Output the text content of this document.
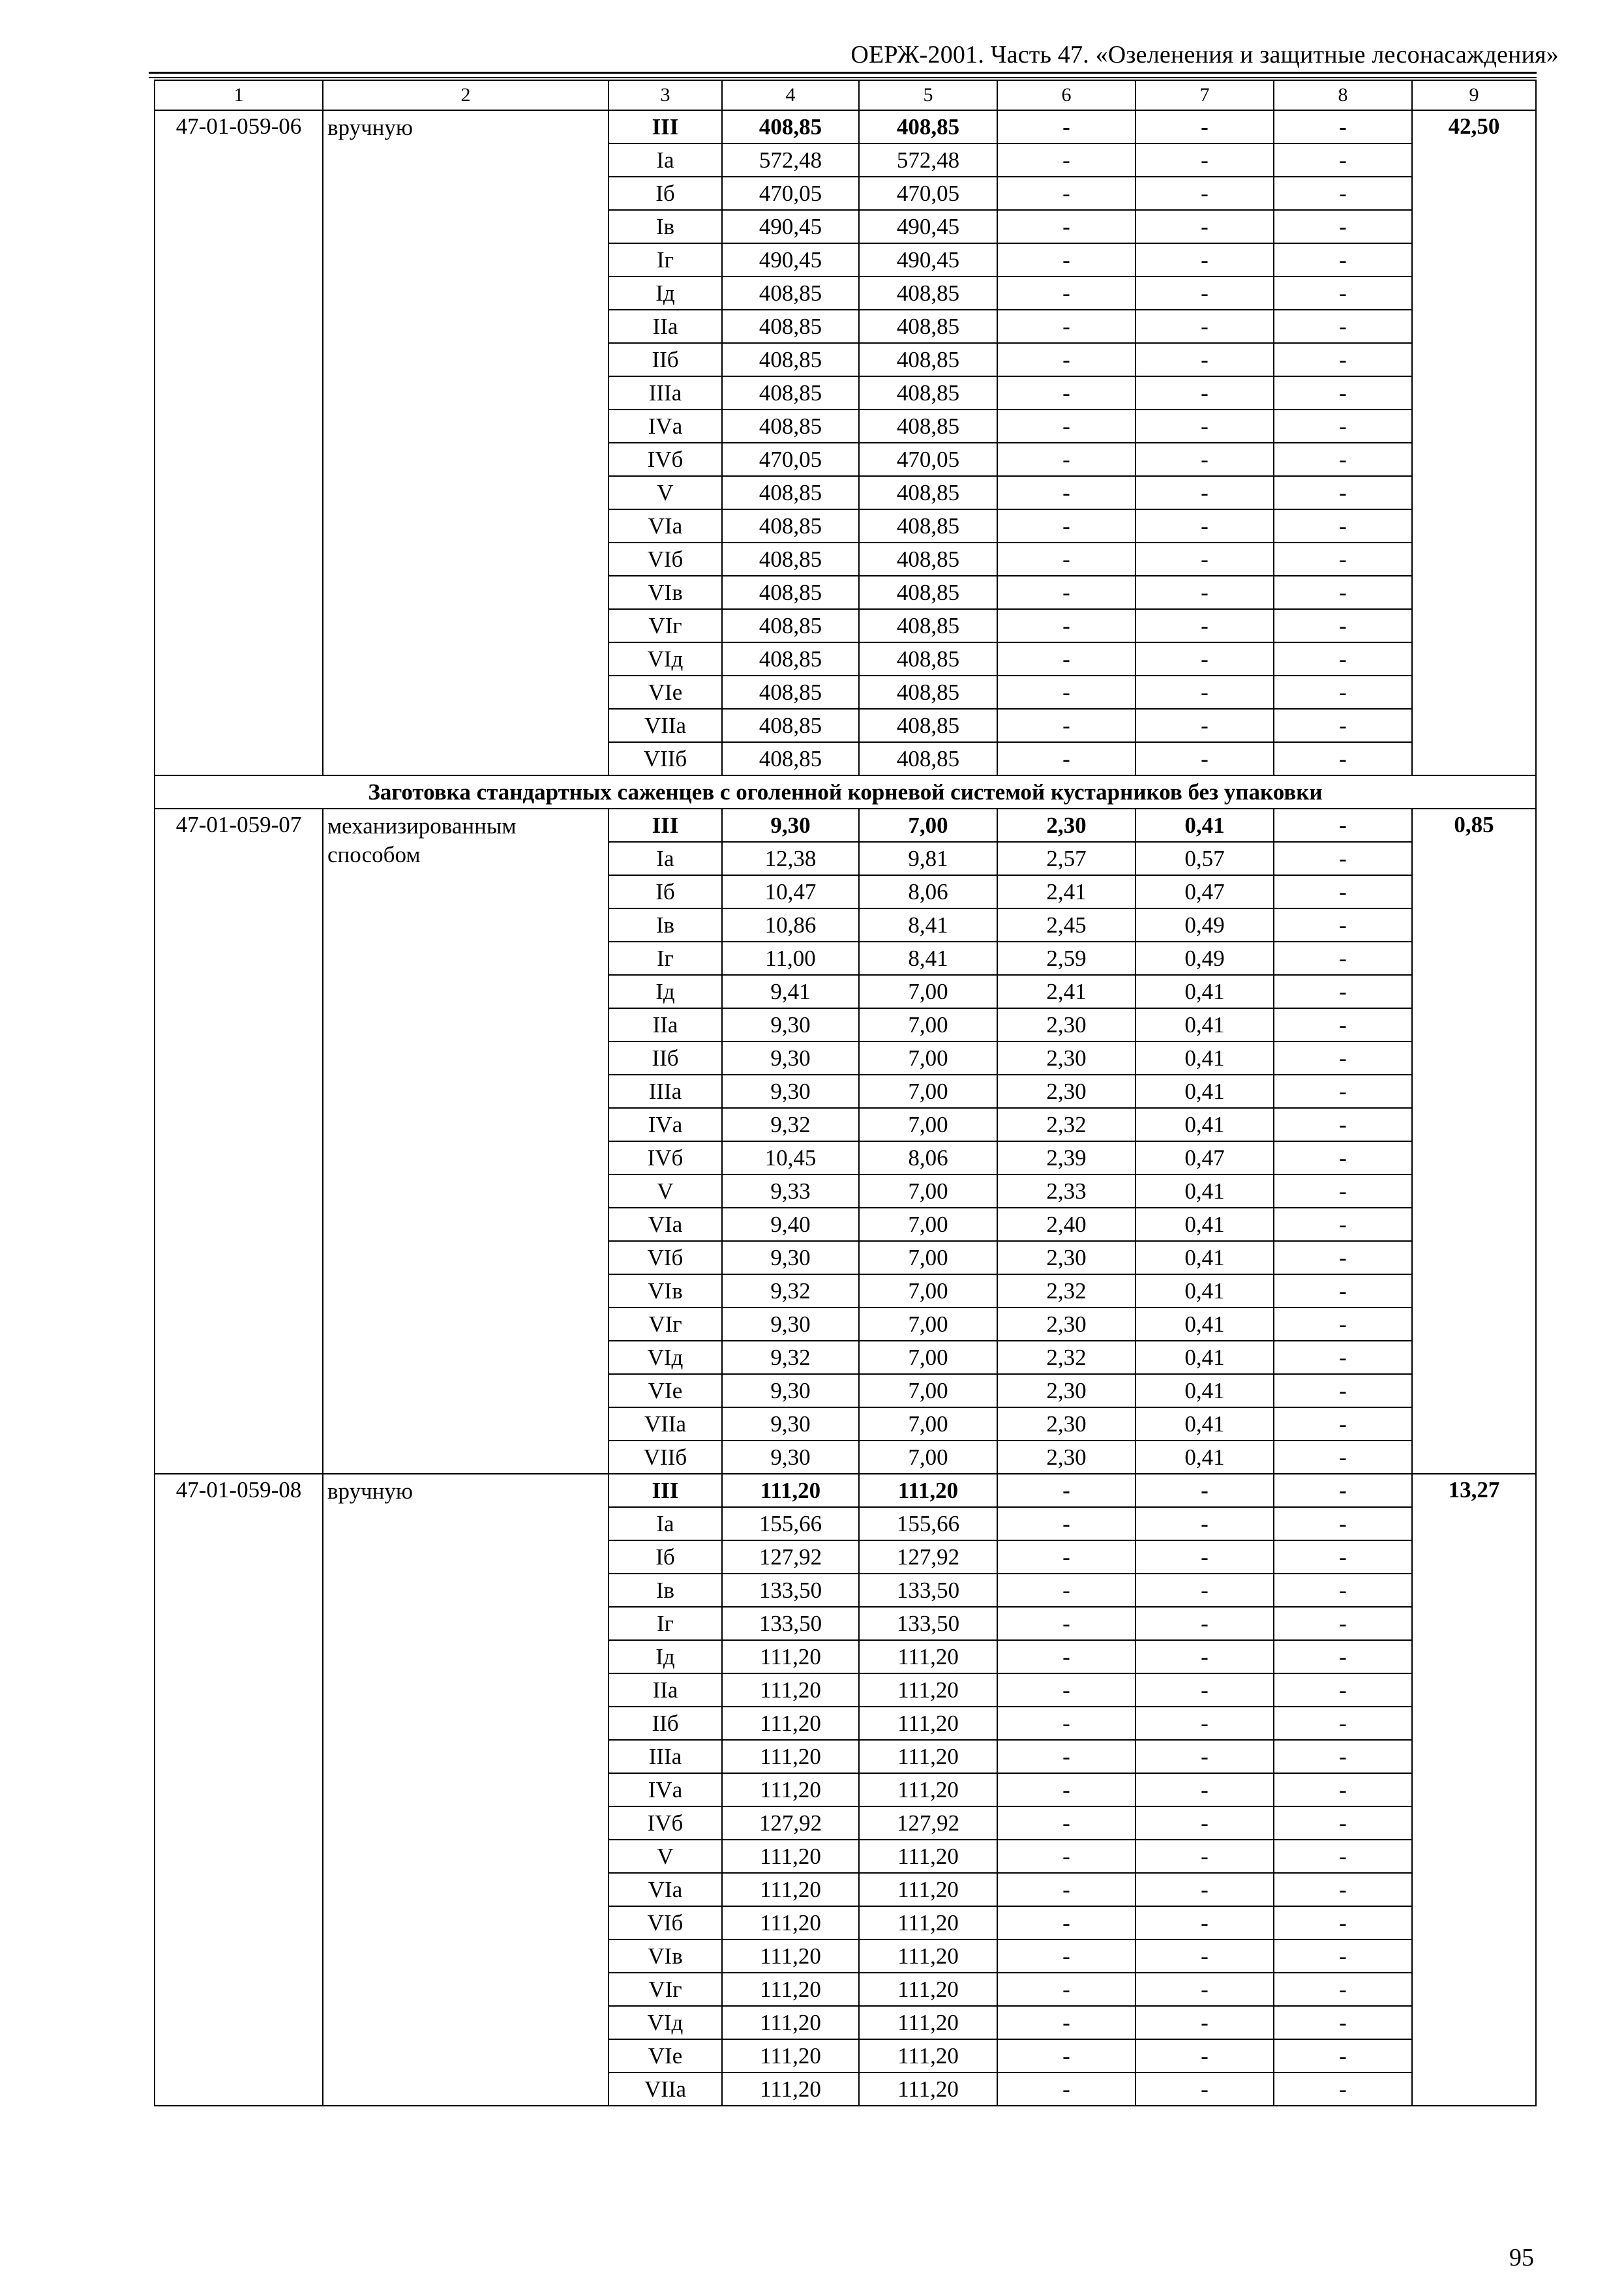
ОЕРЖ-2001. Часть 47. «Озеленения и защитные лесонасаждения»
1	2	3	4	5	6	7	8	9
47-01-059-06	вручную	III	408,85	408,85	-	-	-	42,50
		Ia	572,48	572,48	-	-	-	
		Iб	470,05	470,05	-	-	-	
		Iв	490,45	490,45	-	-	-	
		Iг	490,45	490,45	-	-	-	
		Iд	408,85	408,85	-	-	-	
		IIа	408,85	408,85	-	-	-	
		IIб	408,85	408,85	-	-	-	
		IIIа	408,85	408,85	-	-	-	
		IVа	408,85	408,85	-	-	-	
		IVб	470,05	470,05	-	-	-	
		V	408,85	408,85	-	-	-	
		VIа	408,85	408,85	-	-	-	
		VIб	408,85	408,85	-	-	-	
		VIв	408,85	408,85	-	-	-	
		VIг	408,85	408,85	-	-	-	
		VIд	408,85	408,85	-	-	-	
		VIе	408,85	408,85	-	-	-	
		VIIа	408,85	408,85	-	-	-	
		VIIб	408,85	408,85	-	-	-	
Заготовка стандартных саженцев с оголенной корневой системой кустарников без упаковки								
47-01-059-07	механизированным способом	III	9,30	7,00	2,30	0,41	-	0,85
		Ia	12,38	9,81	2,57	0,57	-	
		Iб	10,47	8,06	2,41	0,47	-	
		Iв	10,86	8,41	2,45	0,49	-	
		Iг	11,00	8,41	2,59	0,49	-	
		Iд	9,41	7,00	2,41	0,41	-	
		IIа	9,30	7,00	2,30	0,41	-	
		IIб	9,30	7,00	2,30	0,41	-	
		IIIа	9,30	7,00	2,30	0,41	-	
		IVа	9,32	7,00	2,32	0,41	-	
		IVб	10,45	8,06	2,39	0,47	-	
		V	9,33	7,00	2,33	0,41	-	
		VIа	9,40	7,00	2,40	0,41	-	
		VIб	9,30	7,00	2,30	0,41	-	
		VIв	9,32	7,00	2,32	0,41	-	
		VIг	9,30	7,00	2,30	0,41	-	
		VIд	9,32	7,00	2,32	0,41	-	
		VIе	9,30	7,00	2,30	0,41	-	
		VIIа	9,30	7,00	2,30	0,41	-	
		VIIб	9,30	7,00	2,30	0,41	-	
47-01-059-08	вручную	III	111,20	111,20	-	-	-	13,27
		Ia	155,66	155,66	-	-	-	
		Iб	127,92	127,92	-	-	-	
		Iв	133,50	133,50	-	-	-	
		Iг	133,50	133,50	-	-	-	
		Iд	111,20	111,20	-	-	-	
		IIа	111,20	111,20	-	-	-	
		IIб	111,20	111,20	-	-	-	
		IIIа	111,20	111,20	-	-	-	
		IVа	111,20	111,20	-	-	-	
		IVб	127,92	127,92	-	-	-	
		V	111,20	111,20	-	-	-	
		VIа	111,20	111,20	-	-	-	
		VIб	111,20	111,20	-	-	-	
		VIв	111,20	111,20	-	-	-	
		VIг	111,20	111,20	-	-	-	
		VIд	111,20	111,20	-	-	-	
		VIе	111,20	111,20	-	-	-	
		VIIа	111,20	111,20	-	-	-	
95
